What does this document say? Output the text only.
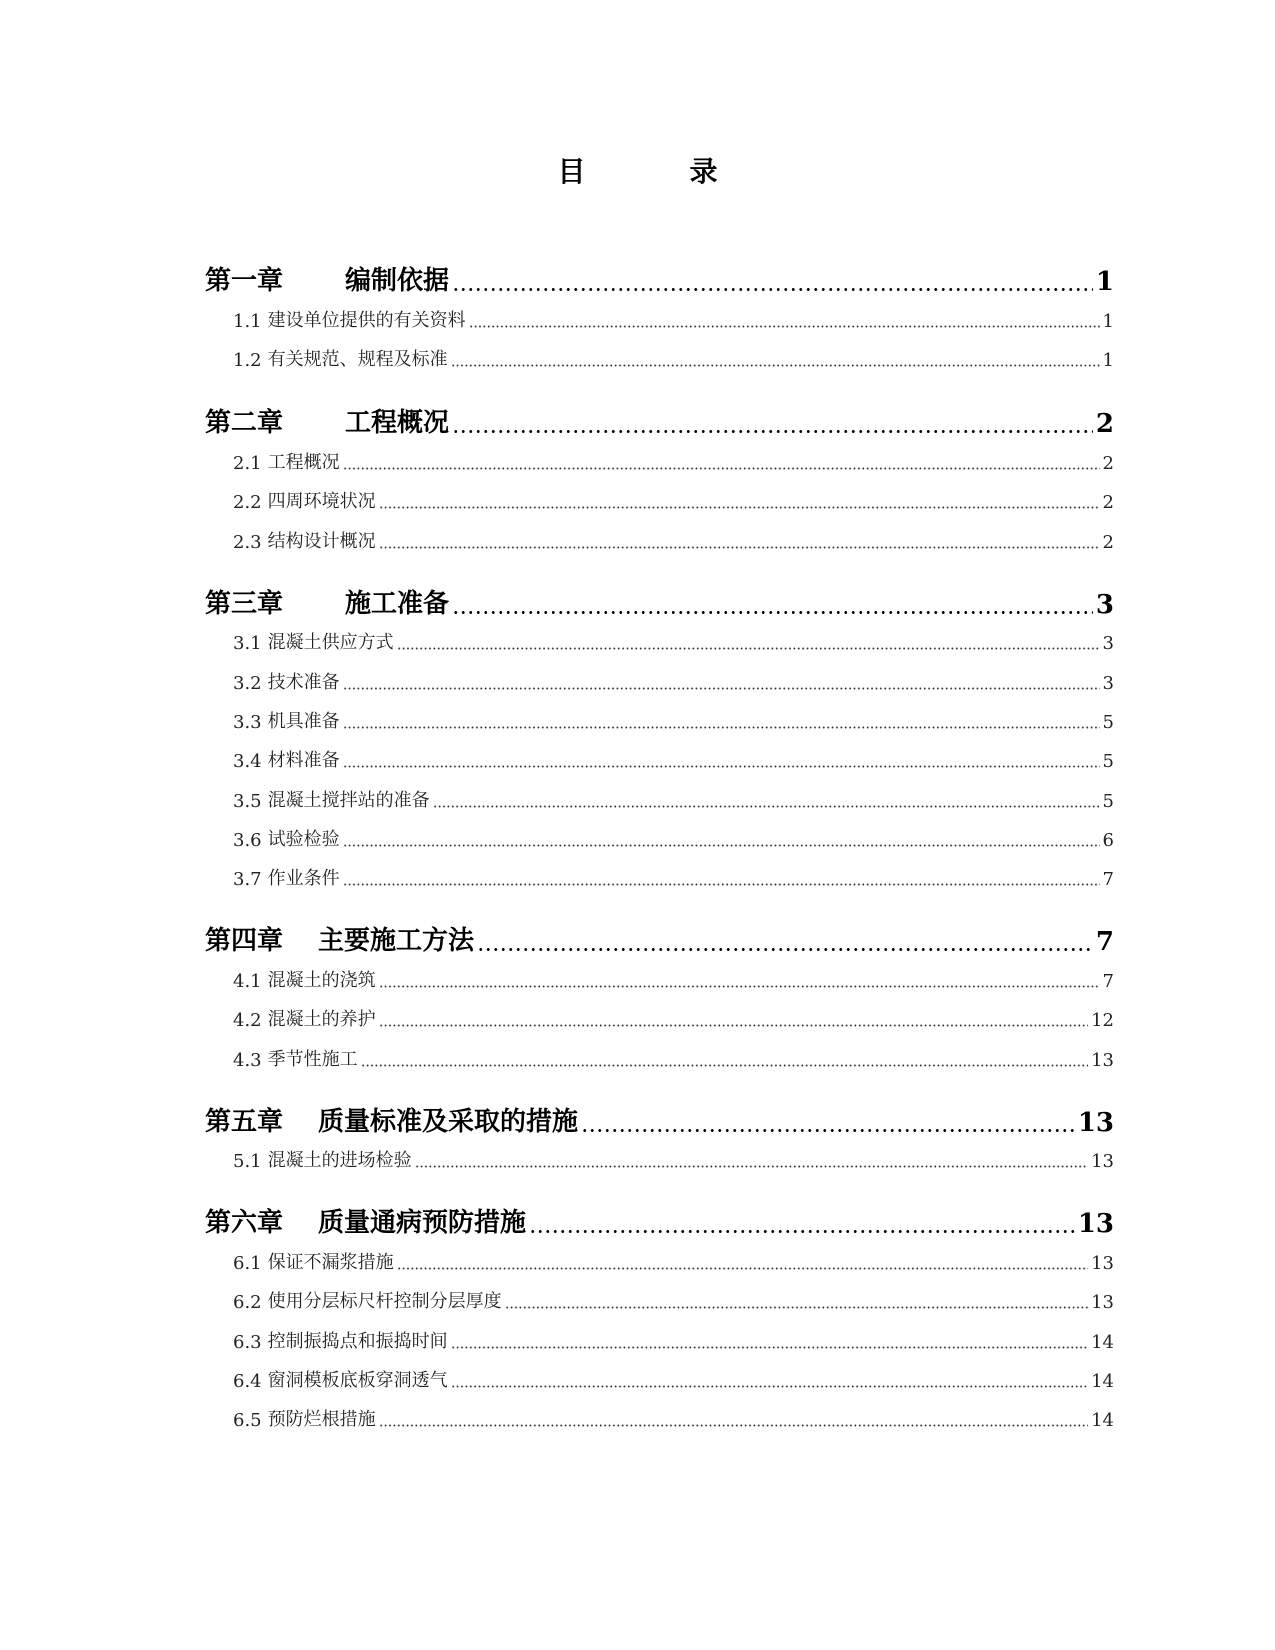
目　录
第一章	编制依据	1
1.1 建设单位提供的有关资料	1
1.2 有关规范、规程及标准	1
第二章	工程概况	2
2.1 工程概况	2
2.2 四周环境状况	2
2.3 结构设计概况	2
第三章	施工准备	3
3.1 混凝土供应方式	3
3.2 技术准备	3
3.3 机具准备	5
3.4 材料准备	5
3.5 混凝土搅拌站的准备	5
3.6 试验检验	6
3.7 作业条件	7
第四章	主要施工方法	7
4.1 混凝土的浇筑	7
4.2 混凝土的养护	12
4.3 季节性施工	13
第五章	质量标准及采取的措施	13
5.1 混凝土的进场检验	13
第六章	质量通病预防措施	13
6.1 保证不漏浆措施	13
6.2 使用分层标尺杆控制分层厚度	13
6.3 控制振捣点和振捣时间	14
6.4 窗洞模板底板穿洞透气	14
6.5 预防烂根措施	14
